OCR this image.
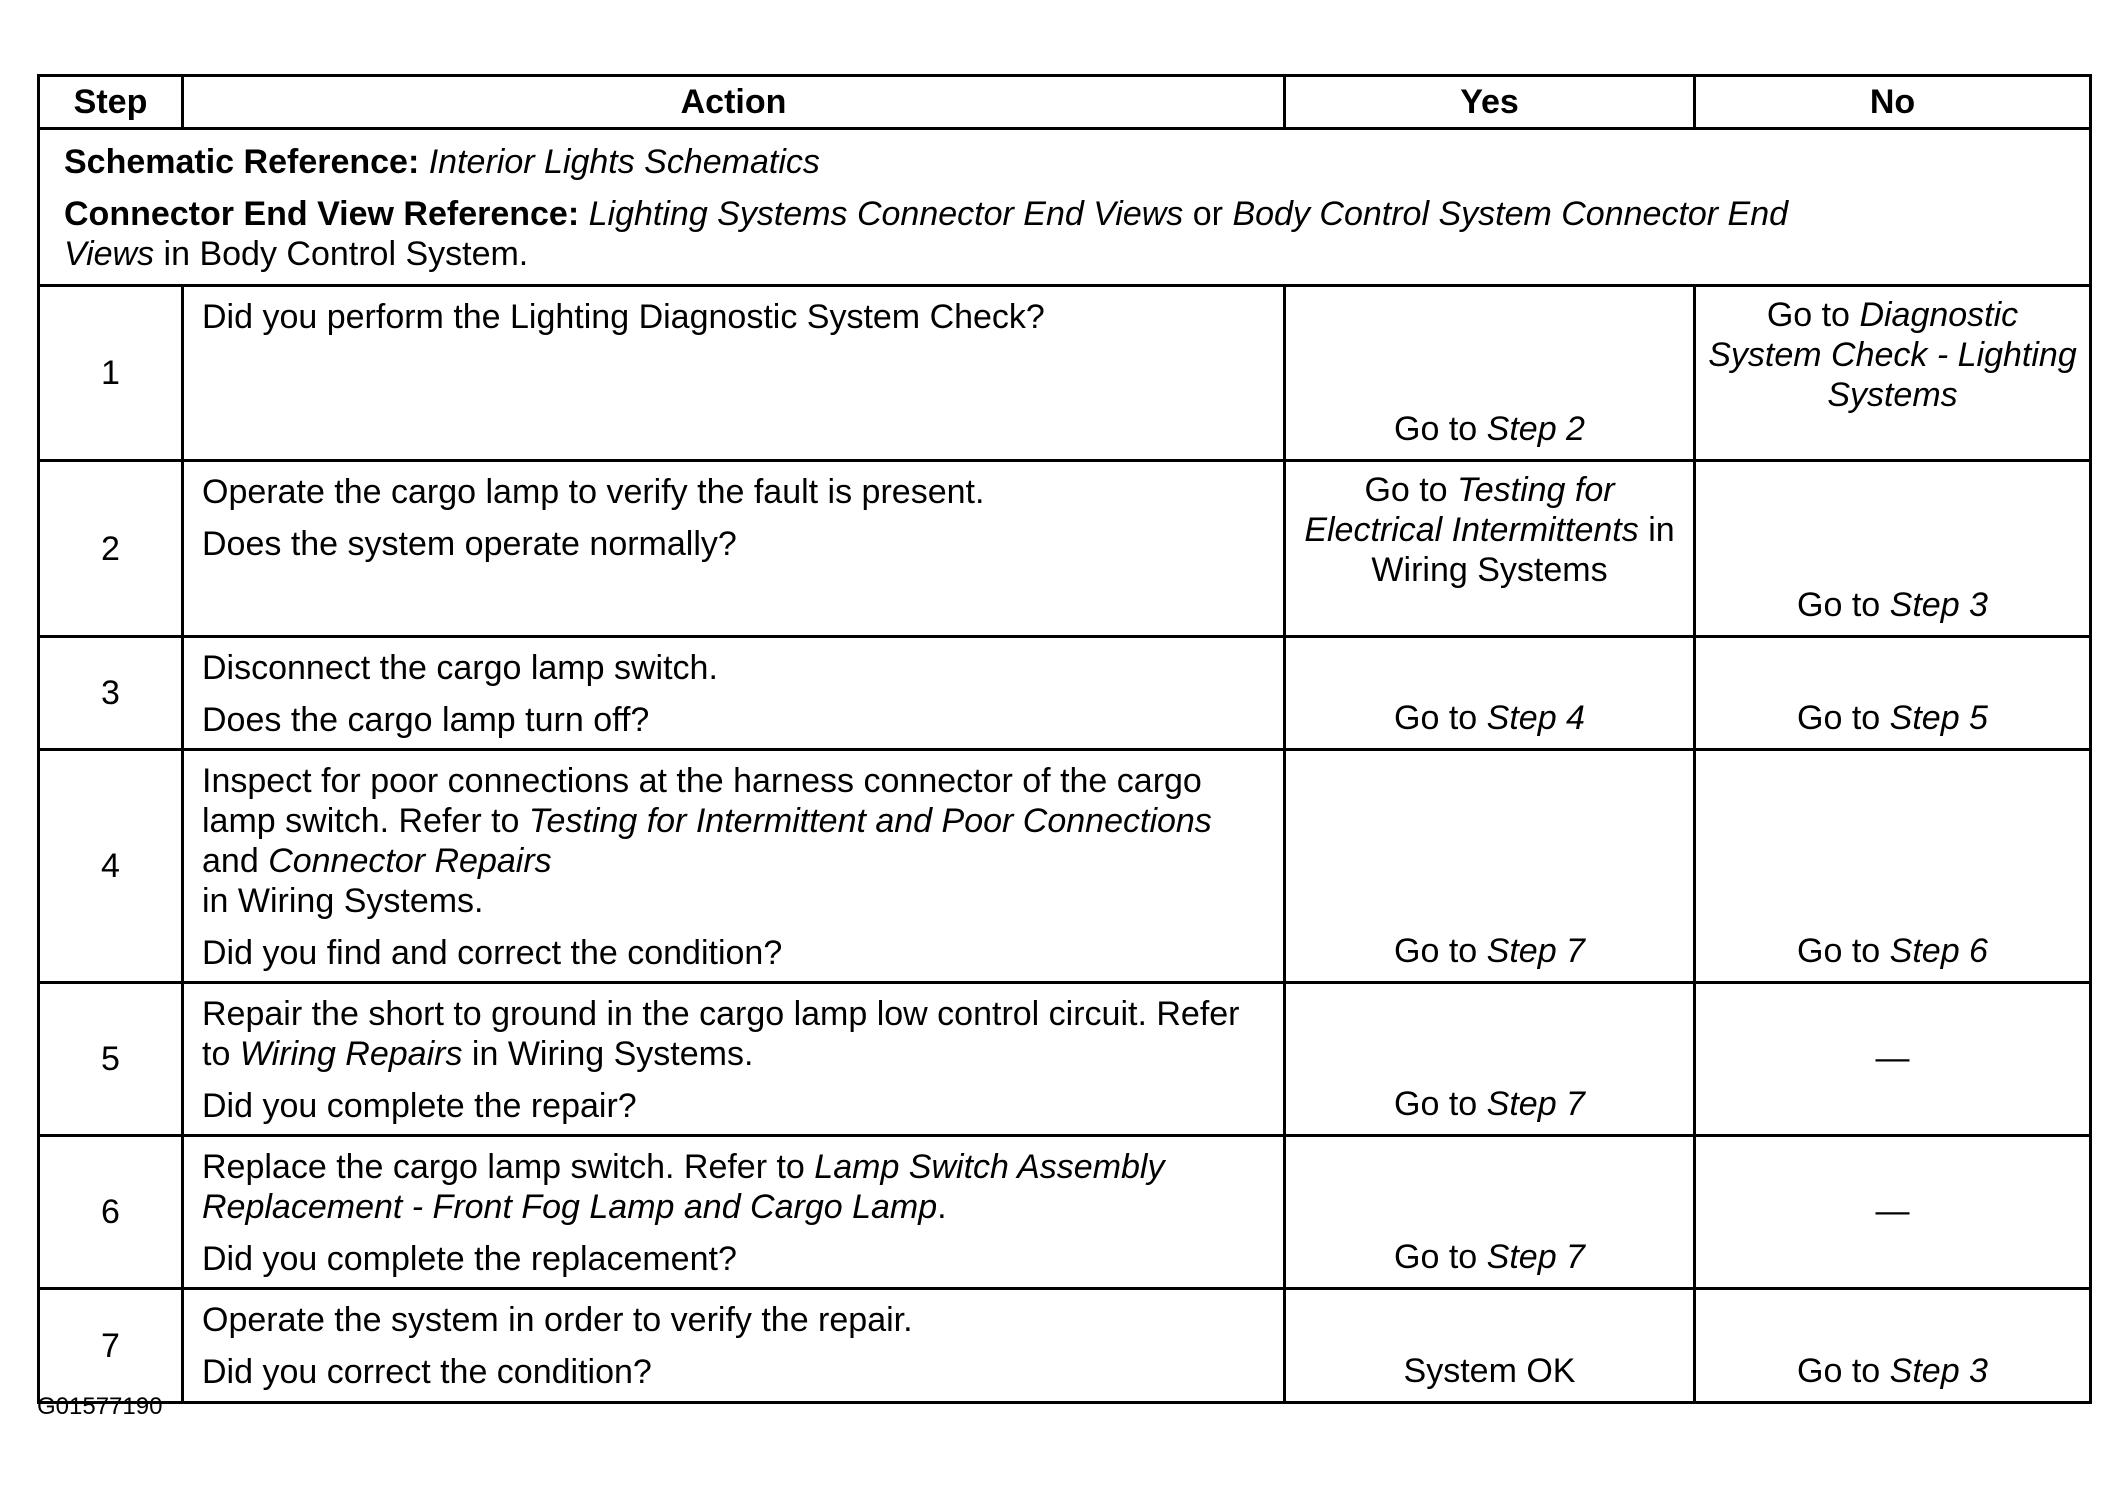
Step	Action	Yes	No

Schematic Reference: Interior Lights Schematics

Connector End View Reference: Lighting Systems Connector End Views or Body Control System Connector End Views in Body Control System.			

1	Did you perform the Lighting Diagnostic System Check?	Go to Step 2	Go to Diagnostic System Check - Lighting Systems
2	Operate the cargo lamp to verify the fault is present.

Does the system operate normally?	Go to Testing for Electrical Intermittents in Wiring Systems	Go to Step 3
3	Disconnect the cargo lamp switch.

Does the cargo lamp turn off?	Go to Step 4	Go to Step 5
4	Inspect for poor connections at the harness connector of the cargo lamp switch. Refer to Testing for Intermittent and Poor Connections and Connector Repairs
in Wiring Systems.

Did you find and correct the condition?	Go to Step 7	Go to Step 6
5	Repair the short to ground in the cargo lamp low control circuit. Refer to Wiring Repairs in Wiring Systems.

Did you complete the repair?	Go to Step 7	—
6	Replace the cargo lamp switch. Refer to Lamp Switch Assembly Replacement - Front Fog Lamp and Cargo Lamp.

Did you complete the replacement?	Go to Step 7	—
7	Operate the system in order to verify the repair.

Did you correct the condition?	System OK	Go to Step 3
G01577190
